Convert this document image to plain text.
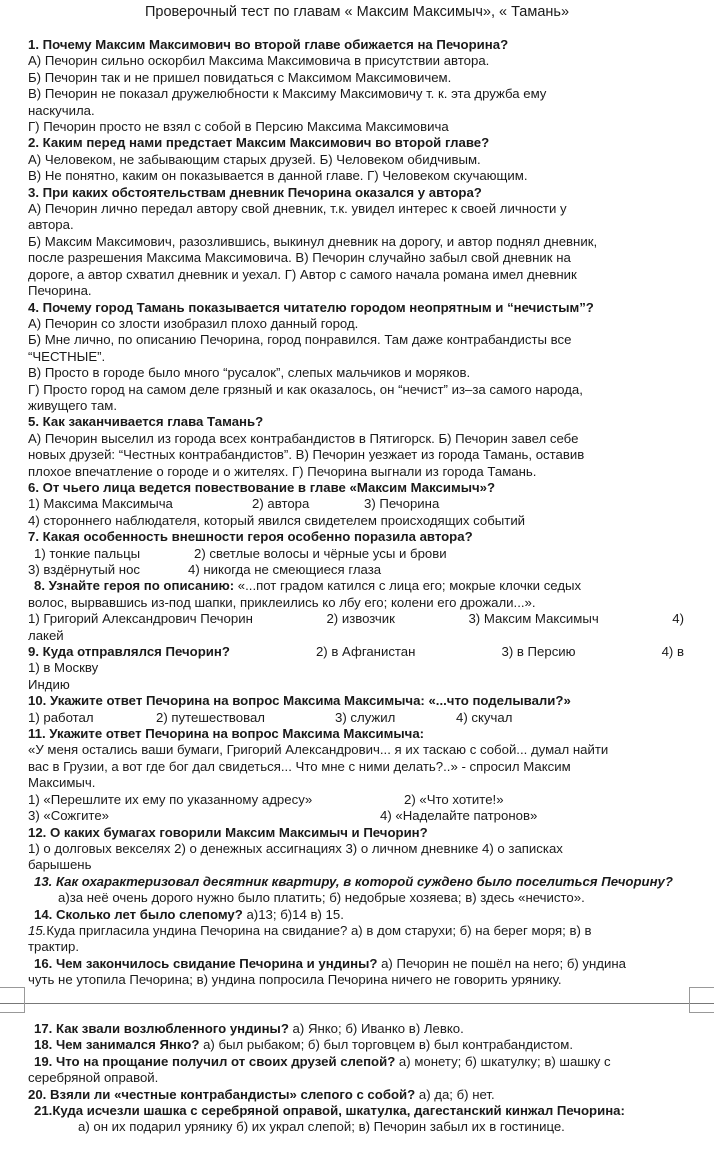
Проверочный тест по главам « Максим Максимыч», « Тамань»

1. Почему Максим Максимович во второй главе обижается на Печорина?

А) Печорин сильно оскорбил Максима Максимовича в присутствии автора.

Б) Печорин так и не пришел повидаться с Максимом Максимовичем.

В) Печорин не показал дружелюбности к Максиму Максимовичу т. к. эта дружба ему

наскучила.

Г) Печорин просто не взял с собой в Персию Максима Максимовича

2. Каким перед нами предстает Максим Максимович во второй главе?

А) Человеком, не забывающим старых друзей. Б) Человеком обидчивым.

В) Не понятно, каким он показывается в данной главе. Г) Человеком скучающим.

3. При каких обстоятельствам дневник Печорина оказался у автора?

А) Печорин лично передал автору свой дневник, т.к. увидел интерес к своей личности у

автора.

Б) Максим Максимович, разозлившись, выкинул дневник на дорогу, и автор поднял дневник,

после разрешения Максима Максимовича. В) Печорин случайно забыл свой дневник на

дороге, а автор схватил дневник и уехал. Г) Автор с самого начала романа имел дневник

Печорина.

4. Почему город Тамань показывается читателю городом неопрятным и “нечистым”?

А) Печорин со злости изобразил плохо данный город.

Б) Мне лично, по описанию Печорина, город понравился. Там даже контрабандисты все

“ЧЕСТНЫЕ”.

В) Просто в городе было много “русалок”, слепых мальчиков и моряков.

Г) Просто город на самом деле грязный и как оказалось, он “нечист” из–за самого народа,

живущего там.

5. Как заканчивается глава Тамань?

А) Печорин выселил из города всех контрабандистов в Пятигорск. Б) Печорин завел себе

новых друзей: “Честных контрабандистов”. В) Печорин уезжает из города Тамань, оставив

плохое впечатление о городе и о жителях. Г) Печорина выгнали из города Тамань.

6. От чьего лица ведется повествование в главе «Максим Максимыч»?

1) Максима Максимыча	2) автора	3) Печорина

4) стороннего наблюдателя, который явился свидетелем происходящих событий

7. Какая особенность внешности героя особенно поразила автора?

1) тонкие пальцы	2) светлые волосы и чёрные усы и брови
3) вздёрнутый нос	4) никогда не смеющиеся глаза

8. Узнайте героя по описанию: «...пот градом катился с лица его; мокрые клочки седых

волос, вырвавшись из-под шапки, приклеились ко лбу его; колени его дрожали...».

1) Григорий Александрович Печорин	2) извозчик	3) Максим Максимыч	4)

лакей

9. Куда отправлялся Печорин?
1) в Москву
2) в Афганистан	3) в Персию	4) в

Индию

10. Укажите ответ Печорина на вопрос Максима Максимыча: «...что поделывали?»

1) работал	2) путешествовал	3) служил	4) скучал

11. Укажите ответ Печорина на вопрос Максима Максимыча:

«У меня остались ваши бумаги, Григорий Александрович... я их таскаю с собой... думал найти

вас в Грузии, а вот где бог дал свидеться... Что мне с ними делать?..» - спросил Максим

Максимыч.

1) «Перешлите их ему по указанному адресу»	2) «Что хотите!»
3) «Сожгите»	4) «Наделайте патронов»

12. О каких бумагах говорили Максим Максимыч и Печорин?

1) о долговых векселях 2) о денежных ассигнациях 3) о личном дневнике 4) о записках

барышень

13. Как охарактеризовал десятник квартиру, в которой суждено было поселиться Печорину?

а)за неё очень дорого нужно было платить; б) недобрые хозяева; в) здесь «нечисто».

14. Сколько лет было слепому? а)13; б)14 в) 15.

15.Куда пригласила ундина Печорина на свидание? а) в дом старухи; б) на берег моря; в) в

трактир.

16. Чем закончилось свидание Печорина и ундины? а) Печорин не пошёл на него; б) ундина

чуть не утопила Печорина; в) ундина попросила Печорина ничего не говорить урянику.

17. Как звали возлюбленного ундины? а) Янко; б) Иванко в) Левко.

18. Чем занимался Янко? а) был рыбаком; б) был торговцем в) был контрабандистом.

19. Что на прощание получил от своих друзей слепой? а) монету; б) шкатулку; в) шашку с

серебряной оправой.

20. Взяли ли «честные контрабандисты» слепого с собой? а) да; б) нет.

21.Куда исчезли шашка с серебряной оправой, шкатулка, дагестанский кинжал Печорина:

а) он их подарил урянику б) их украл слепой; в) Печорин забыл их в гостинице.
